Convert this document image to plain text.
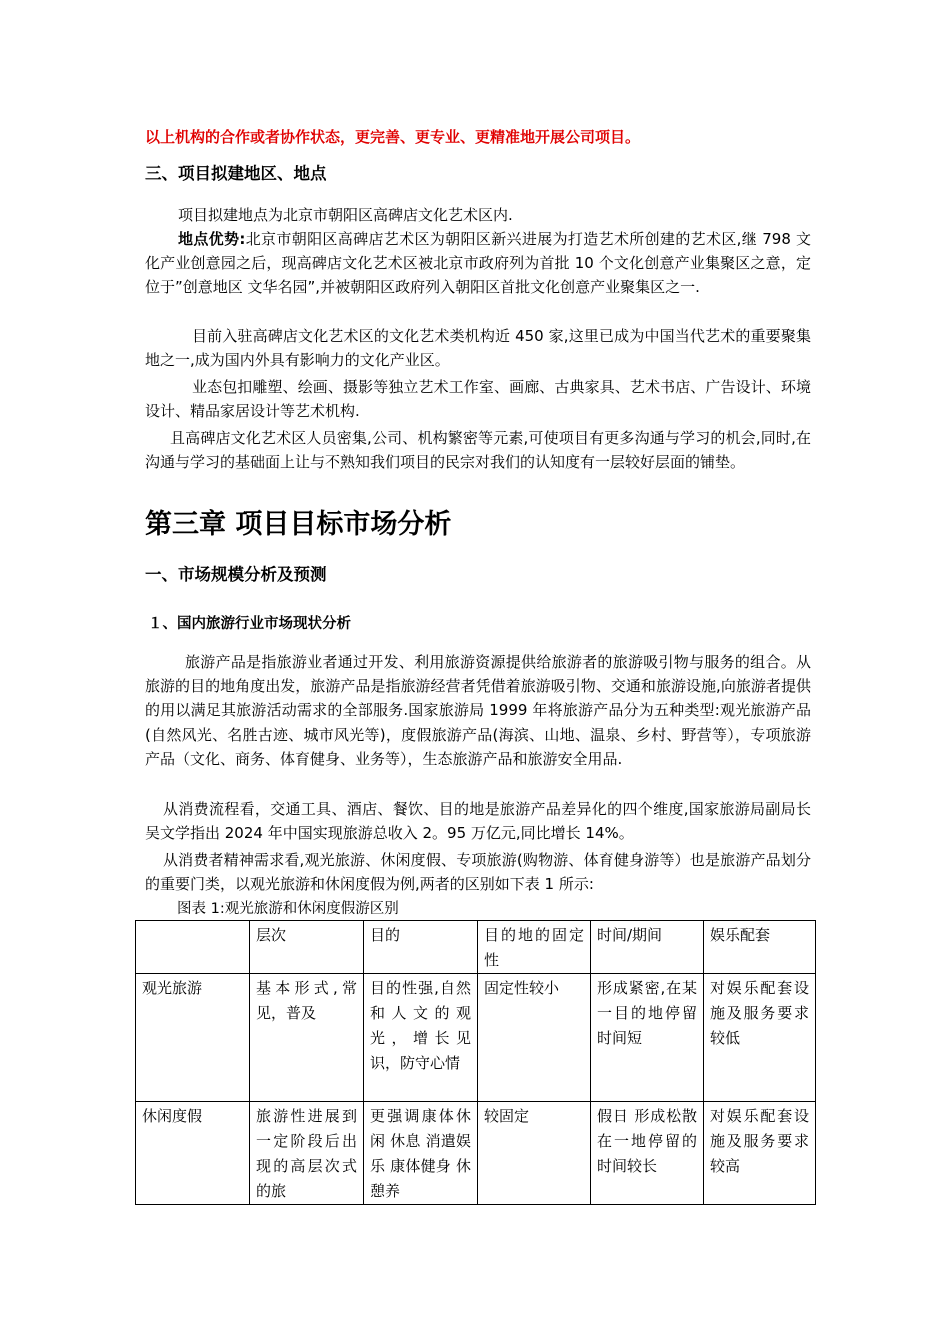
以上机构的合作或者协作状态，更完善、更专业、更精准地开展公司项目。
三、项目拟建地区、地点
项目拟建地点为北京市朝阳区高碑店文化艺术区内.
地点优势:北京市朝阳区高碑店艺术区为朝阳区新兴进展为打造艺术所创建的艺术区,继 798 文化产业创意园之后，现高碑店文化艺术区被北京市政府列为首批 10 个文化创意产业集聚区之意，定位于”创意地区 文华名园”,并被朝阳区政府列入朝阳区首批文化创意产业聚集区之一.
目前入驻高碑店文化艺术区的文化艺术类机构近 450 家,这里已成为中国当代艺术的重要聚集地之一,成为国内外具有影响力的文化产业区。
业态包扣雕塑、绘画、摄影等独立艺术工作室、画廊、古典家具、艺术书店、广告设计、环境设计、精品家居设计等艺术机构.
且高碑店文化艺术区人员密集,公司、机构繁密等元素,可使项目有更多沟通与学习的机会,同时,在沟通与学习的基础面上让与不熟知我们项目的民宗对我们的认知度有一层较好层面的铺垫。
第三章 项目目标市场分析
一、市场规模分析及预测
１、国内旅游行业市场现状分析
旅游产品是指旅游业者通过开发、利用旅游资源提供给旅游者的旅游吸引物与服务的组合。从旅游的目的地角度出发，旅游产品是指旅游经营者凭借着旅游吸引物、交通和旅游设施,向旅游者提供的用以满足其旅游活动需求的全部服务.国家旅游局 1999 年将旅游产品分为五种类型:观光旅游产品(自然风光、名胜古迹、城市风光等)，度假旅游产品(海滨、山地、温泉、乡村、野营等），专项旅游产品（文化、商务、体育健身、业务等），生态旅游产品和旅游安全用品.
从消费流程看，交通工具、酒店、餐饮、目的地是旅游产品差异化的四个维度,国家旅游局副局长吴文学指出 2024 年中国实现旅游总收入 2。95 万亿元,同比增长 14%。
从消费者精神需求看,观光旅游、休闲度假、专项旅游(购物游、体育健身游等）也是旅游产品划分的重要门类，以观光旅游和休闲度假为例,两者的区别如下表 1 所示:
图表 1:观光旅游和休闲度假游区别
	层次	目的	目的地的固定性	时间/期间	娱乐配套
观光旅游	基本形式,常见，普及	目的性强,自然和人文的观光，增长见识，防守心情	固定性较小	形成紧密,在某一目的地停留时间短	对娱乐配套设施及服务要求较低
休闲度假	旅游性进展到一定阶段后出现的高层次式的旅	更强调康体休闲 休息 消遣娱乐 康体健身 休憩养	较固定	假日 形成松散 在一地停留的时间较长	对娱乐配套设施及服务要求较高
